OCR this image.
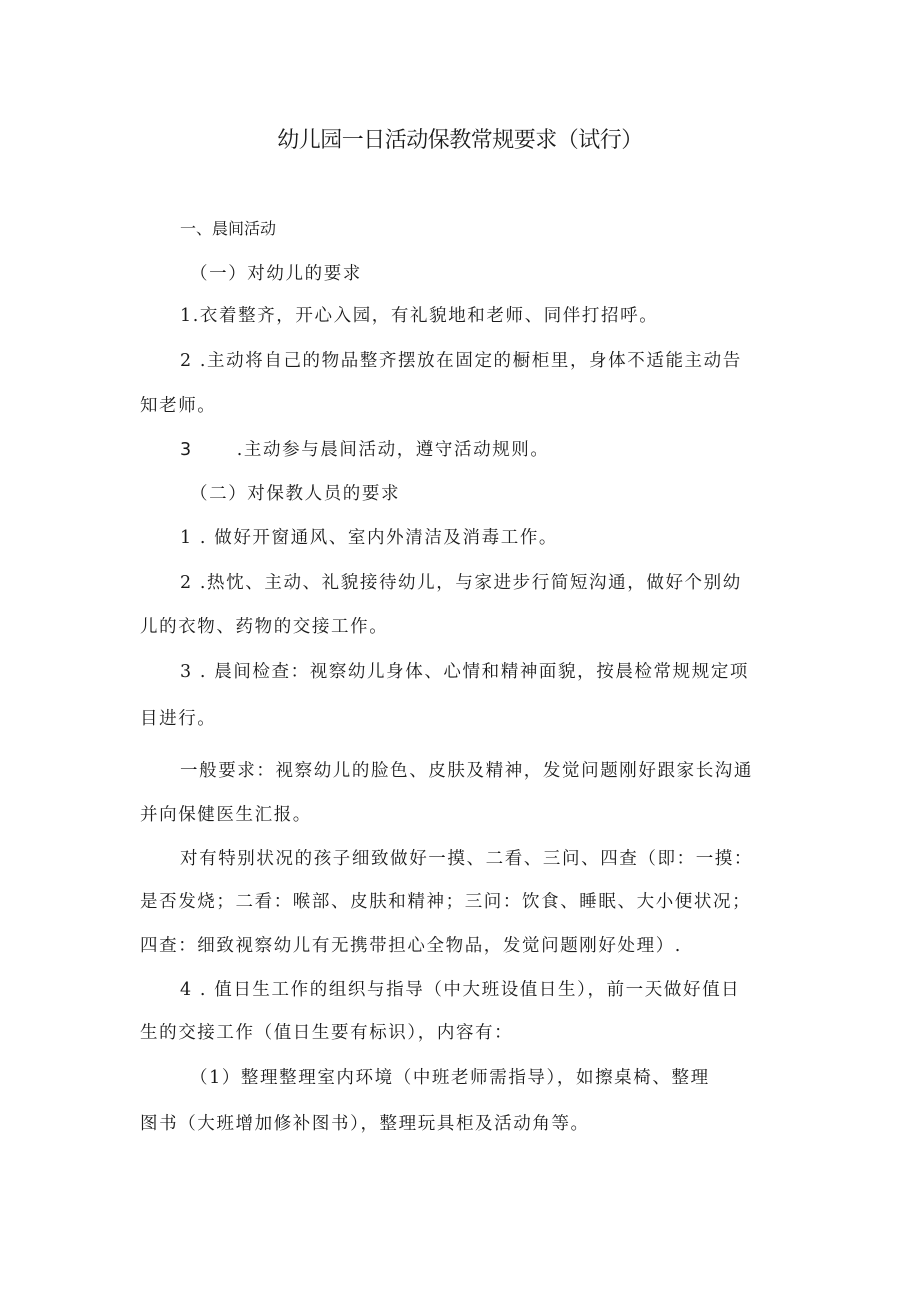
幼儿园一日活动保教常规要求（试行）
一、晨间活动
（一）对幼儿的要求
1.衣着整齐，开心入园，有礼貌地和老师、同伴打招呼。
2 .主动将自己的物品整齐摆放在固定的橱柜里，身体不适能主动告
知老师。
3	.主动参与晨间活动，遵守活动规则。
（二）对保教人员的要求
1 . 做好开窗通风、室内外清洁及消毒工作。
2 .热忱、主动、礼貌接待幼儿，与家进步行简短沟通，做好个别幼
儿的衣物、药物的交接工作。
3 . 晨间检查：视察幼儿身体、心情和精神面貌，按晨检常规规定项
目进行。
一般要求：视察幼儿的脸色、皮肤及精神，发觉问题刚好跟家长沟通
并向保健医生汇报。
对有特别状况的孩子细致做好一摸、二看、三问、四查（即：一摸：
是否发烧；二看：喉部、皮肤和精神；三问：饮食、睡眠、大小便状况；
四查：细致视察幼儿有无携带担心全物品，发觉问题刚好处理）.
4 . 值日生工作的组织与指导（中大班设值日生），前一天做好值日
生的交接工作（值日生要有标识），内容有：
（1）整理整理室内环境（中班老师需指导），如擦桌椅、整理
图书（大班增加修补图书），整理玩具柜及活动角等。
